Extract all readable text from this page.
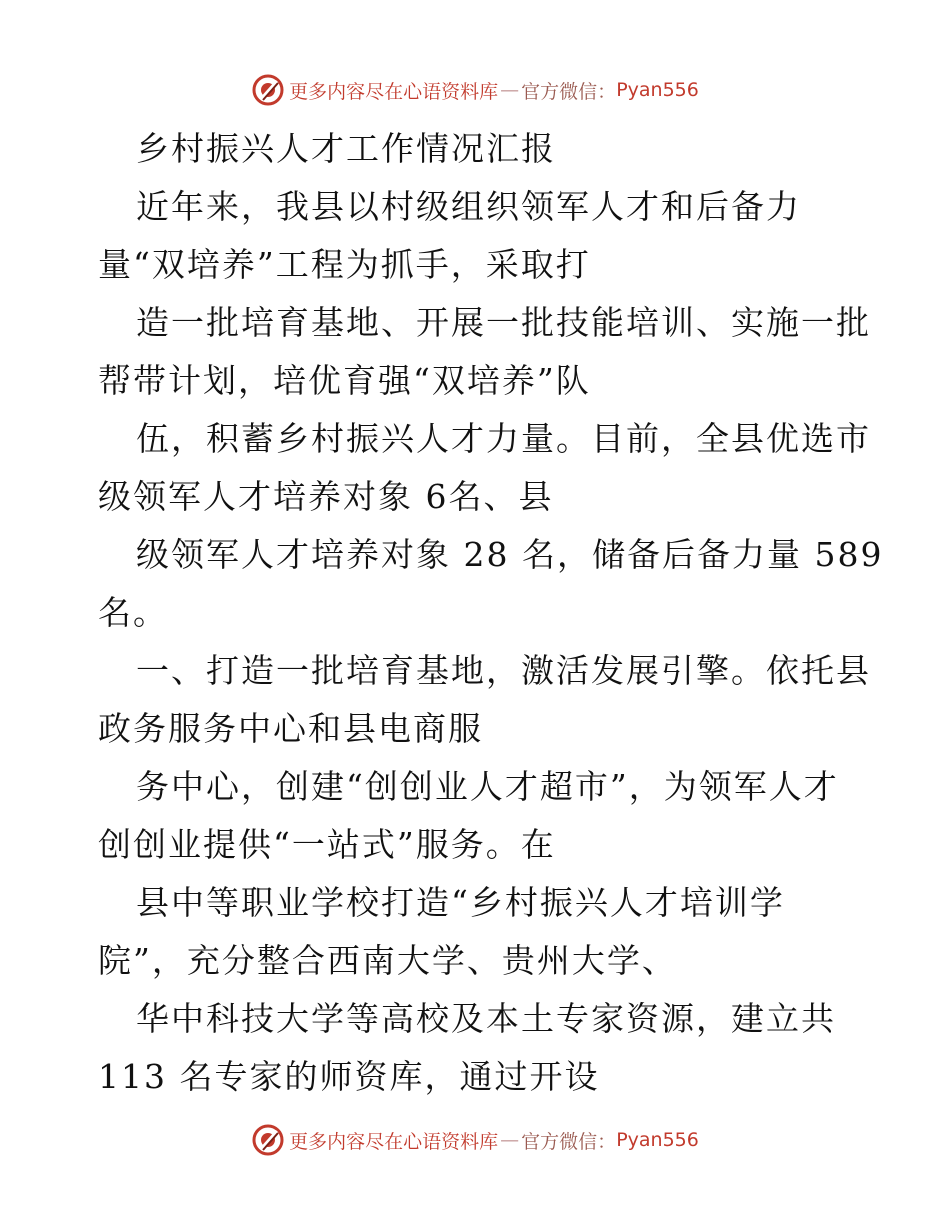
更多内容尽在心语资料库 — 官方微信： Pyan556
乡村振兴人才工作情况汇报
近年来，我县以村级组织领军人才和后备力
量“双培养”工程为抓手，采取打
造一批培育基地、开展一批技能培训、实施一批
帮带计划，培优育强“双培养”队
伍，积蓄乡村振兴人才力量。目前，全县优选市
级领军人才培养对象 6名、县
级领军人才培养对象 28 名，储备后备力量 589
名。
一、打造一批培育基地，激活发展引擎。依托县
政务服务中心和县电商服
务中心，创建“创创业人才超市”，为领军人才
创创业提供“一站式”服务。在
县中等职业学校打造“乡村振兴人才培训学
院”，充分整合西南大学、贵州大学、
华中科技大学等高校及本土专家资源，建立共
113 名专家的师资库，通过开设
更多内容尽在心语资料库 — 官方微信： Pyan556
